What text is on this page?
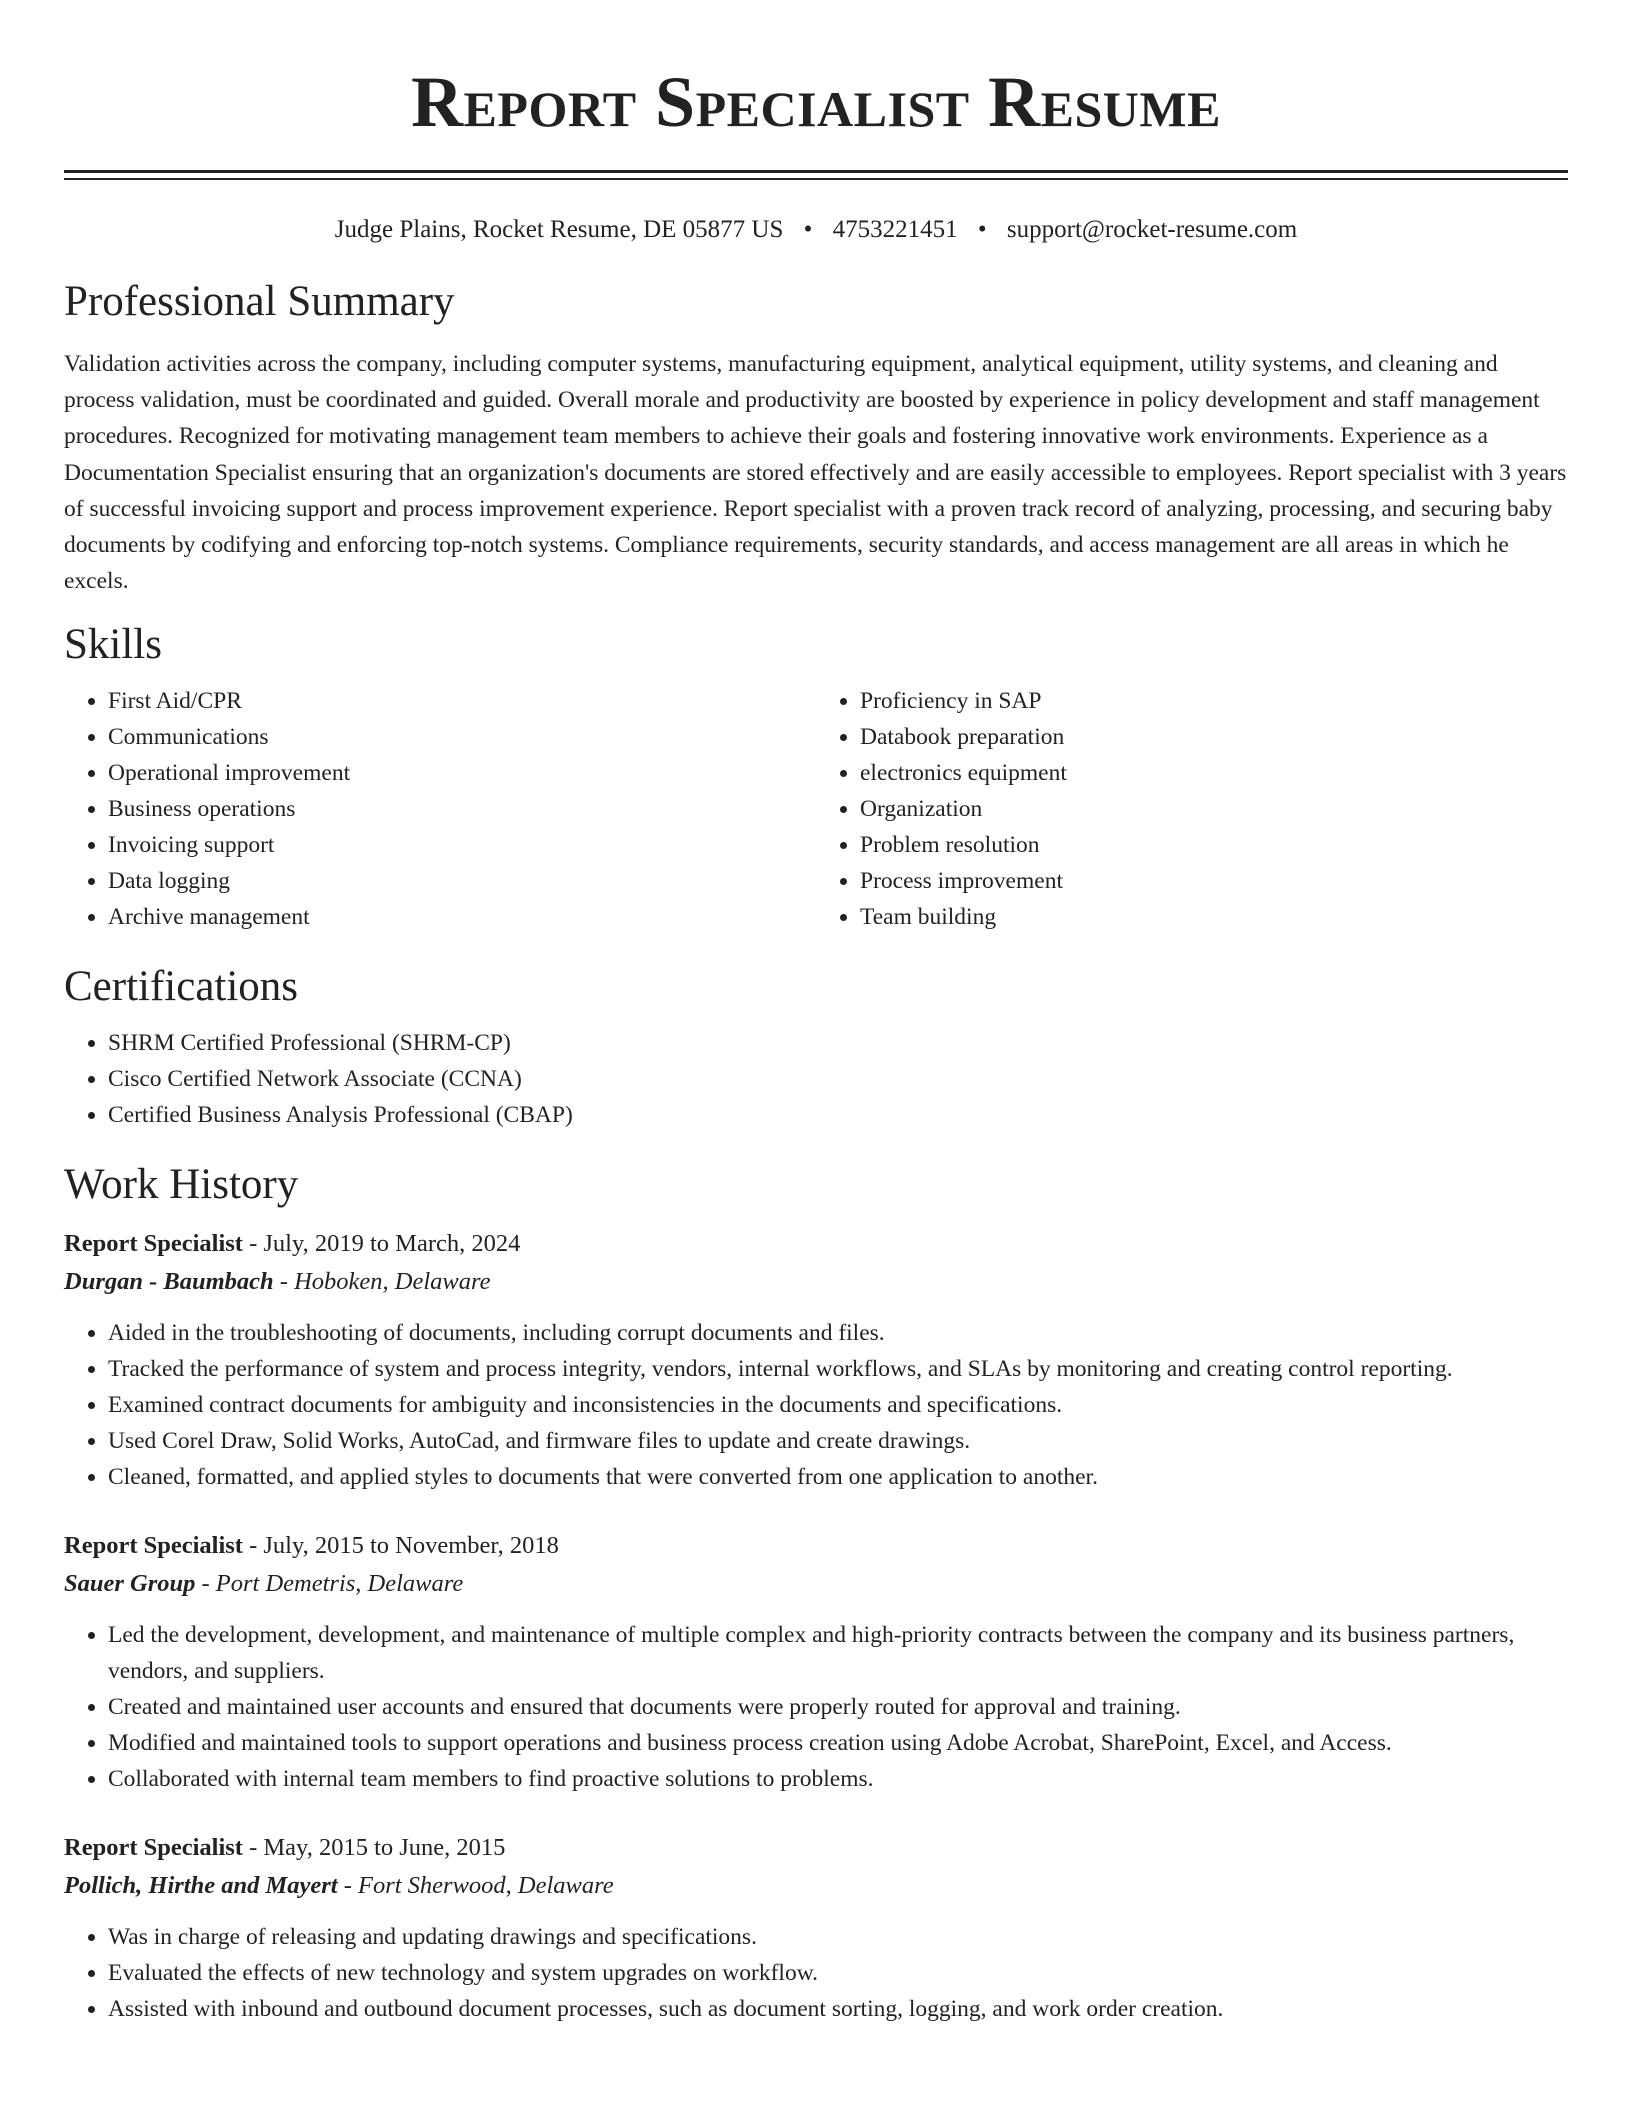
Report Specialist Resume
Judge Plains, Rocket Resume, DE 05877 US • 4753221451 • support@rocket-resume.com
Professional Summary

Validation activities across the company, including computer systems, manufacturing equipment, analytical equipment, utility systems, and cleaning and process validation, must be coordinated and guided. Overall morale and productivity are boosted by experience in policy development and staff management procedures. Recognized for motivating management team members to achieve their goals and fostering innovative work environments. Experience as a Documentation Specialist ensuring that an organization's documents are stored effectively and are easily accessible to employees. Report specialist with 3 years of successful invoicing support and process improvement experience. Report specialist with a proven track record of analyzing, processing, and securing baby documents by codifying and enforcing top-notch systems. Compliance requirements, security standards, and access management are all areas in which he excels.

Skills
• First Aid/CPR
• Communications
• Operational improvement
• Business operations
• Invoicing support
• Data logging
• Archive management
• Proficiency in SAP
• Databook preparation
• electronics equipment
• Organization
• Problem resolution
• Process improvement
• Team building
Certifications
• SHRM Certified Professional (SHRM-CP)
• Cisco Certified Network Associate (CCNA)
• Certified Business Analysis Professional (CBAP)
Work History

Report Specialist - July, 2019 to March, 2024

Durgan - Baumbach - Hoboken, Delaware

• Aided in the troubleshooting of documents, including corrupt documents and files.
• Tracked the performance of system and process integrity, vendors, internal workflows, and SLAs by monitoring and creating control reporting.
• Examined contract documents for ambiguity and inconsistencies in the documents and specifications.
• Used Corel Draw, Solid Works, AutoCad, and firmware files to update and create drawings.
• Cleaned, formatted, and applied styles to documents that were converted from one application to another.

Report Specialist - July, 2015 to November, 2018

Sauer Group - Port Demetris, Delaware

• Led the development, development, and maintenance of multiple complex and high-priority contracts between the company and its business partners, vendors, and suppliers.
• Created and maintained user accounts and ensured that documents were properly routed for approval and training.
• Modified and maintained tools to support operations and business process creation using Adobe Acrobat, SharePoint, Excel, and Access.
• Collaborated with internal team members to find proactive solutions to problems.

Report Specialist - May, 2015 to June, 2015

Pollich, Hirthe and Mayert - Fort Sherwood, Delaware

• Was in charge of releasing and updating drawings and specifications.
• Evaluated the effects of new technology and system upgrades on workflow.
• Assisted with inbound and outbound document processes, such as document sorting, logging, and work order creation.
